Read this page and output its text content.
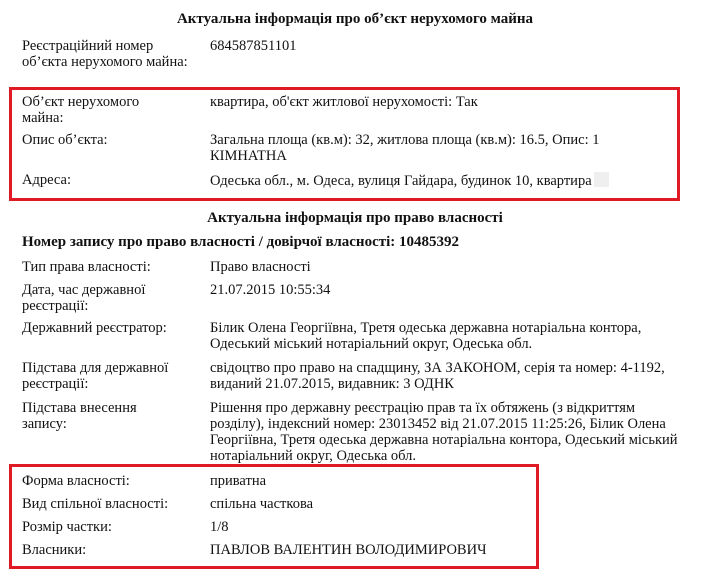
Актуальна інформація про об’єкт нерухомого майна
Реєстраційний номер об’єкта нерухомого майна:
684587851101
Об’єкт нерухомого майна:
квартира, об'єкт житлової нерухомості: Так
Опис об’єкта:	Загальна площа (кв.м): 32, житлова площа (кв.м): 16.5, Опис: 1 КІМНАТНА
Адреса:	Одеська обл., м. Одеса, вулиця Гайдара, будинок 10, квартира
Актуальна інформація про право власності
Номер запису про право власності / довірчої власності: 10485392
Тип права власності:	Право власності
Дата, час державної реєстрації:
21.07.2015 10:55:34
Державний реєстратор:	Білик Олена Георгіївна, Третя одеська державна нотаріальна контора, Одеський міський нотаріальний округ, Одеська обл.
Підстава для державної реєстрації:
свідоцтво про право на спадщину, ЗА ЗАКОНОМ, серія та номер: 4-1192, виданий 21.07.2015, видавник: 3 ОДНК
Підстава внесення запису:
Рішення про державну реєстрацію прав та їх обтяжень (з відкриттям розділу), індексний номер: 23013452 від 21.07.2015 11:25:26, Білик Олена Георгіївна, Третя одеська державна нотаріальна контора, Одеський міський нотаріальний округ, Одеська обл.
Форма власності:	приватна
Вид спільної власності:	спільна часткова
Розмір частки:	1/8
Власники:	ПАВЛОВ ВАЛЕНТИН ВОЛОДИМИРОВИЧ
